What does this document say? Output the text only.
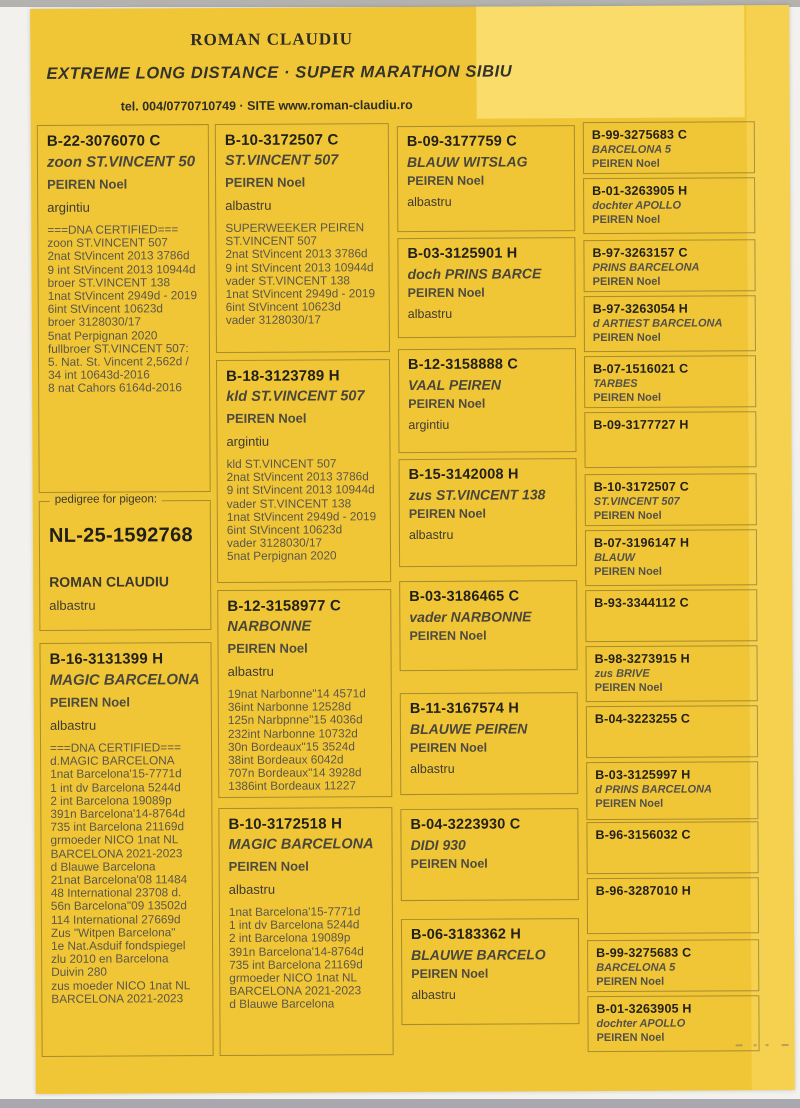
ROMAN CLAUDIU
EXTREME LONG DISTANCE · SUPER MARATHON SIBIU
tel. 004/0770710749 · SITE www.roman-claudiu.ro
B-22-3076070 C
zoon ST.VINCENT 50
PEIREN Noel
argintiu
===DNA CERTIFIED===
zoon ST.VINCENT 507
2nat StVincent 2013 3786d
9 int StVincent 2013 10944d
broer ST.VINCENT 138
1nat StVincent 2949d - 2019
6int StVincent 10623d
broer 3128030/17
5nat Perpignan 2020
fullbroer ST.VINCENT 507:
5. Nat. St. Vincent 2,562d /
34 int 10643d-2016
8 nat Cahors 6164d-2016
pedigree for pigeon:
NL-25-1592768
ROMAN CLAUDIU
albastru
B-16-3131399 H
MAGIC BARCELONA
PEIREN Noel
albastru
===DNA CERTIFIED===
d.MAGIC BARCELONA
1nat Barcelona'15-7771d
1 int dv Barcelona 5244d
2 int Barcelona 19089p
391n Barcelona'14-8764d
735 int Barcelona 21169d
grmoeder NICO 1nat NL
BARCELONA 2021-2023
d Blauwe Barcelona
21nat Barcelona'08 11484
48 International 23708 d.
56n Barcelona"09 13502d
114 International 27669d
Zus "Witpen Barcelona"
1e Nat.Asduif fondspiegel
zlu 2010 en Barcelona
Duivin 280
zus moeder NICO 1nat NL
BARCELONA 2021-2023
B-10-3172507 C
ST.VINCENT 507
PEIREN Noel
albastru
SUPERWEEKER PEIREN
ST.VINCENT 507
2nat StVincent 2013 3786d
9 int StVincent 2013 10944d
vader ST.VINCENT 138
1nat StVincent 2949d - 2019
6int StVincent 10623d
vader 3128030/17
B-18-3123789 H
kld ST.VINCENT 507
PEIREN Noel
argintiu
kld ST.VINCENT 507
2nat StVincent 2013 3786d
9 int StVincent 2013 10944d
vader ST.VINCENT 138
1nat StVincent 2949d - 2019
6int StVincent 10623d
vader 3128030/17
5nat Perpignan 2020
B-12-3158977 C
NARBONNE
PEIREN Noel
albastru
19nat Narbonne"14 4571d
36int Narbonne 12528d
125n Narbpnne"15 4036d
232int Narbonne 10732d
30n Bordeaux"15 3524d
38int Bordeaux 6042d
707n Bordeaux"14 3928d
1386int Bordeaux 11227
B-10-3172518 H
MAGIC BARCELONA
PEIREN Noel
albastru
1nat Barcelona'15-7771d
1 int dv Barcelona 5244d
2 int Barcelona 19089p
391n Barcelona'14-8764d
735 int Barcelona 21169d
grmoeder NICO 1nat NL
BARCELONA 2021-2023
d Blauwe Barcelona
B-09-3177759 C
BLAUW WITSLAG
PEIREN Noel
albastru
B-03-3125901 H
doch PRINS BARCE
PEIREN Noel
albastru
B-12-3158888 C
VAAL PEIREN
PEIREN Noel
argintiu
B-15-3142008 H
zus ST.VINCENT 138
PEIREN Noel
albastru
B-03-3186465 C
vader NARBONNE
PEIREN Noel
B-11-3167574 H
BLAUWE PEIREN
PEIREN Noel
albastru
B-04-3223930 C
DIDI 930
PEIREN Noel
B-06-3183362 H
BLAUWE BARCELO
PEIREN Noel
albastru
B-99-3275683 C
BARCELONA 5
PEIREN Noel
B-01-3263905 H
dochter APOLLO
PEIREN Noel
B-97-3263157 C
PRINS BARCELONA
PEIREN Noel
B-97-3263054 H
d ARTIEST BARCELONA
PEIREN Noel
B-07-1516021 C
TARBES
PEIREN Noel
B-09-3177727 H
B-10-3172507 C
ST.VINCENT 507
PEIREN Noel
B-07-3196147 H
BLAUW
PEIREN Noel
B-93-3344112 C
B-98-3273915 H
zus BRIVE
PEIREN Noel
B-04-3223255 C
B-03-3125997 H
d PRINS BARCELONA
PEIREN Noel
B-96-3156032 C
B-96-3287010 H
B-99-3275683 C
BARCELONA 5
PEIREN Noel
B-01-3263905 H
dochter APOLLO
PEIREN Noel
